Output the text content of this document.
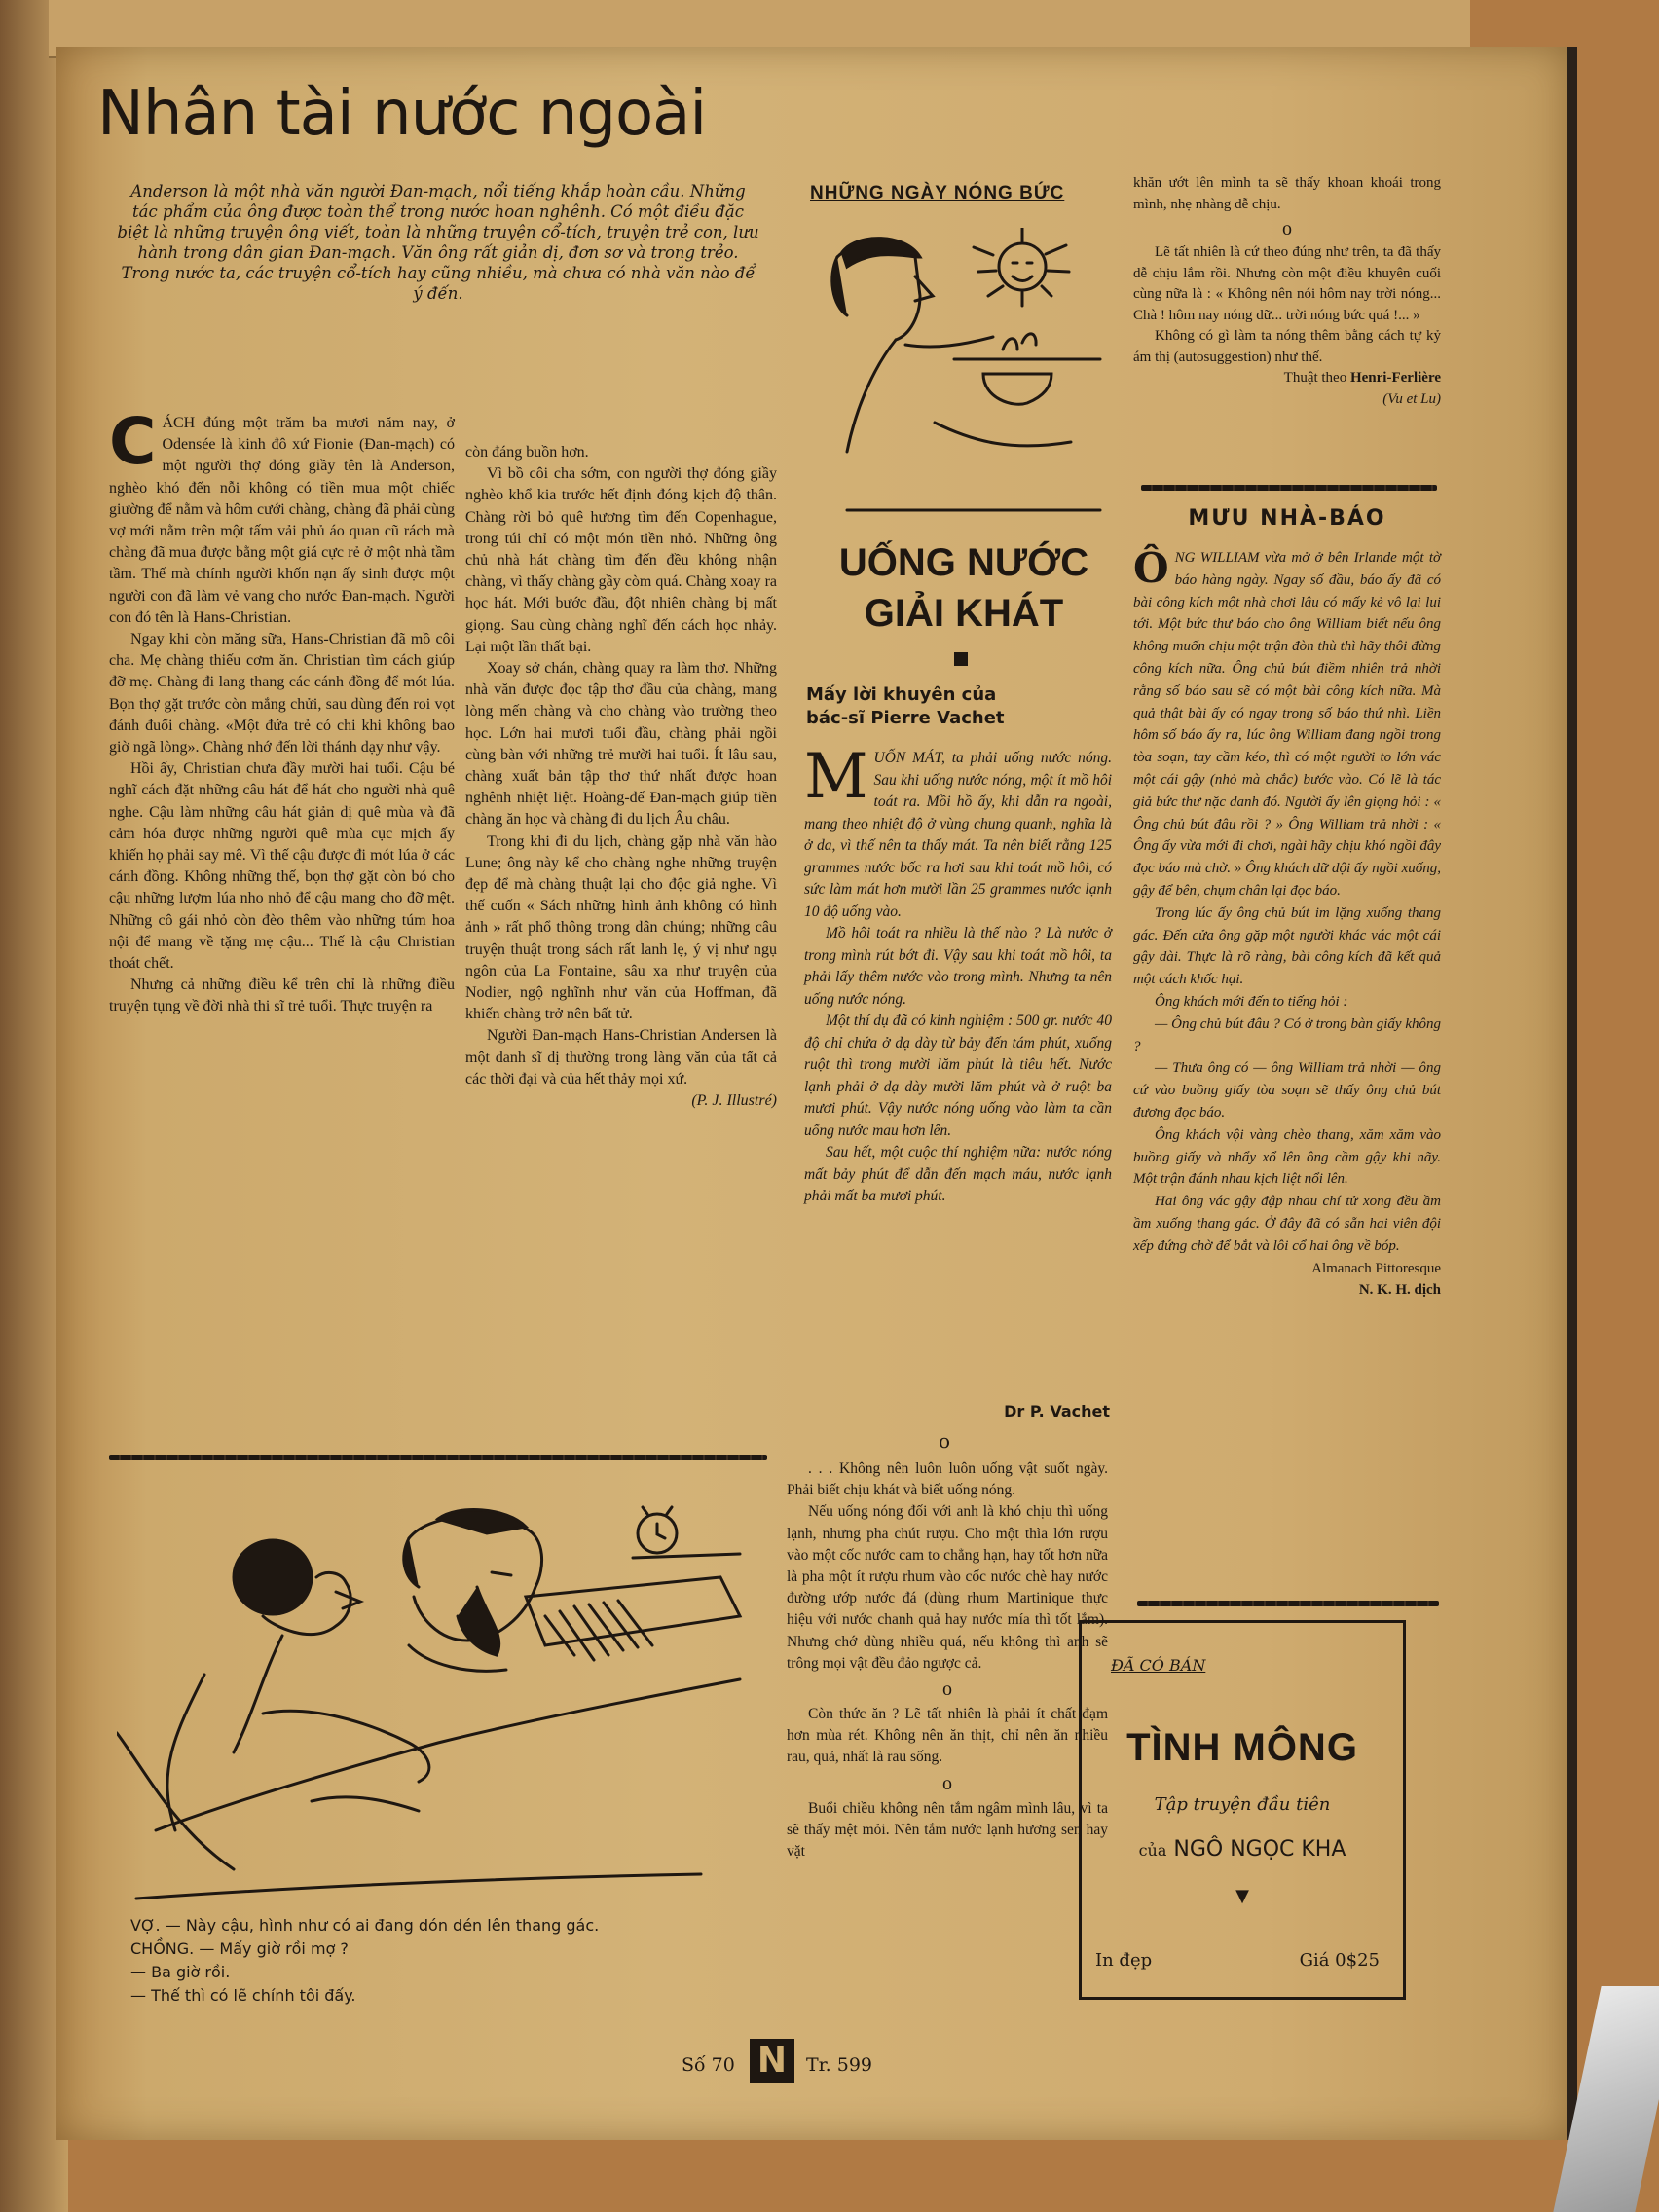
Nhân tài nước ngoài
Anderson là một nhà văn người Đan-mạch, nổi tiếng khắp hoàn cầu. Những tác phẩm của ông được toàn thể trong nước hoan nghênh. Có một điều đặc biệt là những truyện ông viết, toàn là những truyện cổ-tích, truyện trẻ con, lưu hành trong dân gian Đan-mạch. Văn ông rất giản dị, đơn sơ và trong trẻo. Trong nước ta, các truyện cổ-tích hay cũng nhiều, mà chưa có nhà văn nào để ý đến.
C ÁCH đúng một trăm ba mươi năm nay, ở Odensée là kinh đô xứ Fionie (Đan-mạch) có một người thợ đóng giầy tên là Anderson, nghèo khó đến nỗi không có tiền mua một chiếc giường để nằm và hôm cưới chàng, chàng đã phải cùng vợ mới nằm trên một tấm vải phủ áo quan cũ rách mà chàng đã mua được bằng một giá cực rẻ ở một nhà tầm tầm. Thế mà chính người khốn nạn ấy sinh được một người con đã làm vẻ vang cho nước Đan-mạch. Người con đó tên là Hans-Christian.

Ngay khi còn măng sữa, Hans-Christian đã mồ côi cha. Mẹ chàng thiếu cơm ăn. Christian tìm cách giúp đỡ mẹ. Chàng đi lang thang các cánh đồng để mót lúa. Bọn thợ gặt trước còn mắng chửi, sau dùng đến roi vọt đánh đuổi chàng. «Một đứa trẻ có chi khi không bao giờ ngã lòng». Chàng nhớ đến lời thánh dạy như vậy.

Hồi ấy, Christian chưa đầy mười hai tuổi. Cậu bé nghĩ cách đặt những câu hát để hát cho người nhà quê nghe. Cậu làm những câu hát giản dị quê mùa và đã cảm hóa được những người quê mùa cục mịch ấy khiến họ phải say mê. Vì thế cậu được đi mót lúa ở các cánh đồng. Không những thế, bọn thợ gặt còn bó cho cậu những lượm lúa nho nhỏ để cậu mang cho đỡ mệt. Những cô gái nhỏ còn đèo thêm vào những túm hoa nội để mang về tặng mẹ cậu... Thế là cậu Christian thoát chết.

Nhưng cả những điều kể trên chỉ là những điều truyện tụng về đời nhà thi sĩ trẻ tuổi. Thực truyện ra

còn đáng buồn hơn.

Vì bồ côi cha sớm, con người thợ đóng giầy nghèo khổ kia trước hết định đóng kịch độ thân. Chàng rời bỏ quê hương tìm đến Copenhague, trong túi chỉ có một món tiền nhỏ. Những ông chủ nhà hát chàng tìm đến đều không nhận chàng, vì thấy chàng gầy còm quá. Chàng xoay ra học hát. Mới bước đầu, đột nhiên chàng bị mất giọng. Sau cùng chàng nghĩ đến cách học nhảy. Lại một lần thất bại.

Xoay sở chán, chàng quay ra làm thơ. Những nhà văn được đọc tập thơ đầu của chàng, mang lòng mến chàng và cho chàng vào trường theo học. Lớn hai mươi tuổi đầu, chàng phải ngồi cùng bàn với những trẻ mười hai tuổi. Ít lâu sau, chàng xuất bản tập thơ thứ nhất được hoan nghênh nhiệt liệt. Hoàng-đế Đan-mạch giúp tiền chàng ăn học và chàng đi du lịch Âu châu.

Trong khi đi du lịch, chàng gặp nhà văn hào Lune; ông này kể cho chàng nghe những truyện đẹp để mà chàng thuật lại cho độc giả nghe. Vì thế cuốn « Sách những hình ảnh không có hình ảnh » rất phổ thông trong dân chúng; những câu truyện thuật trong sách rất lanh lẹ, ý vị như ngụ ngôn của La Fontaine, sâu xa như truyện của Nodier, ngộ nghĩnh như văn của Hoffman, đã khiến chàng trở nên bất tử.

Người Đan-mạch Hans-Christian Andersen là một danh sĩ dị thường trong làng văn của tất cả các thời đại và của hết thảy mọi xứ.

(P. J. Illustré)
VỢ. — Này cậu, hình như có ai đang dón dén lên thang gác.
CHỒNG. — Mấy giờ rồi mợ ?
— Ba giờ rồi.
— Thế thì có lẽ chính tôi đấy.
NHỮNG NGÀY NÓNG BỨC
UỐNG NƯỚC
GIẢI KHÁT
Mấy lời khuyên của
bác-sĩ Pierre Vachet
M UỐN MÁT, ta phải uống nước nóng. Sau khi uống nước nóng, một ít mồ hôi toát ra. Mồi hồ ấy, khi dẫn ra ngoài, mang theo nhiệt độ ở vùng chung quanh, nghĩa là ở da, vì thế nên ta thấy mát. Ta nên biết rằng 125 grammes nước bốc ra hơi sau khi toát mồ hôi, có sức làm mát hơn mười lần 25 grammes nước lạnh 10 độ uống vào.

Mồ hôi toát ra nhiều là thế nào ? Là nước ở trong mình rút bớt đi. Vậy sau khi toát mồ hôi, ta phải lấy thêm nước vào trong mình. Nhưng ta nên uống nước nóng.

Một thí dụ đã có kinh nghiệm : 500 gr. nước 40 độ chỉ chứa ở dạ dày từ bảy đến tám phút, xuống ruột thì trong mười lăm phút là tiêu hết. Nước lạnh phải ở dạ dày mười lăm phút và ở ruột ba mươi phút. Vậy nước nóng uống vào làm ta cần uống nước mau hơn lên.

Sau hết, một cuộc thí nghiệm nữa: nước nóng mất bảy phút để dẫn đến mạch máu, nước lạnh phải mất ba mươi phút.

Dr P. Vachet
o

. . . Không nên luôn luôn uống vật suốt ngày. Phải biết chịu khát và biết uống nóng.

Nếu uống nóng đối với anh là khó chịu thì uống lạnh, nhưng pha chút rượu. Cho một thìa lớn rượu vào một cốc nước cam to chẳng hạn, hay tốt hơn nữa là pha một ít rượu rhum vào cốc nước chè hay nước đường ướp nước đá (dùng rhum Martinique thực hiệu với nước chanh quả hay nước mía thì tốt lắm). Nhưng chớ dùng nhiều quá, nếu không thì anh sẽ trông mọi vật đều đảo ngược cả.

o

Còn thức ăn ? Lẽ tất nhiên là phải ít chất đạm hơn mùa rét. Không nên ăn thịt, chỉ nên ăn nhiều rau, quả, nhất là rau sống.

o

Buổi chiều không nên tắm ngâm mình lâu, vì ta sẽ thấy mệt mỏi. Nên tắm nước lạnh hương sen hay vặt

khăn ướt lên mình ta sẽ thấy khoan khoái trong mình, nhẹ nhàng dễ chịu.

o

Lẽ tất nhiên là cứ theo đúng như trên, ta đã thấy dễ chịu lắm rồi. Nhưng còn một điều khuyên cuối cùng nữa là : « Không nên nói hôm nay trời nóng... Chà ! hôm nay nóng dữ... trời nóng bức quá !... »

Không có gì làm ta nóng thêm bằng cách tự kỷ ám thị (autosuggestion) như thế.

Thuật theo Henri-Ferlière
(Vu et Lu)
MƯU NHÀ-BÁO
Ô NG WILLIAM vừa mở ở bên Irlande một tờ báo hàng ngày. Ngay số đầu, báo ấy đã có bài công kích một nhà chơi lâu có mấy kẻ vô lại lui tới. Một bức thư báo cho ông William biết nếu ông không muốn chịu một trận đòn thù thì hãy thôi đừng công kích nữa. Ông chủ bút điềm nhiên trả nhời rằng số báo sau sẽ có một bài công kích nữa. Mà quả thật bài ấy có ngay trong số báo thứ nhì. Liền hôm số báo ấy ra, lúc ông William đang ngồi trong tòa soạn, tay cầm kéo, thì có một người to lớn vác một cái gậy (nhỏ mà chắc) bước vào. Có lẽ là tác giả bức thư nặc danh đó. Người ấy lên giọng hỏi : « Ông chủ bút đâu rồi ? » Ông William trả nhời : « Ông ấy vừa mới đi chơi, ngài hãy chịu khó ngồi đây đọc báo mà chờ. » Ông khách dữ dội ấy ngồi xuống, gậy để bên, chụm chân lại đọc báo.

Trong lúc ấy ông chủ bút im lặng xuống thang gác. Đến cửa ông gặp một người khác vác một cái gậy dài. Thực là rõ ràng, bài công kích đã kết quả một cách khốc hại.

Ông khách mới đến to tiếng hỏi :

— Ông chủ bút đâu ? Có ở trong bàn giấy không ?

— Thưa ông có — ông William trả nhời — ông cứ vào buồng giấy tòa soạn sẽ thấy ông chủ bút đương đọc báo.

Ông khách vội vàng chèo thang, xăm xăm vào buồng giấy và nhẩy xổ lên ông cầm gậy khi nãy. Một trận đánh nhau kịch liệt nổi lên.

Hai ông vác gậy đập nhau chí tử xong đều ầm ầm xuống thang gác. Ở đây đã có sẵn hai viên đội xếp đứng chờ để bắt và lôi cổ hai ông về bóp.

Almanach Pittoresque
N. K. H. dịch
ĐÃ CÓ BÁN
TÌNH MÔNG
Tập truyện đầu tiên
của NGÔ NGỌC KHA
▼
In đẹp	Giá 0$25
Số 70 N	Tr. 599
